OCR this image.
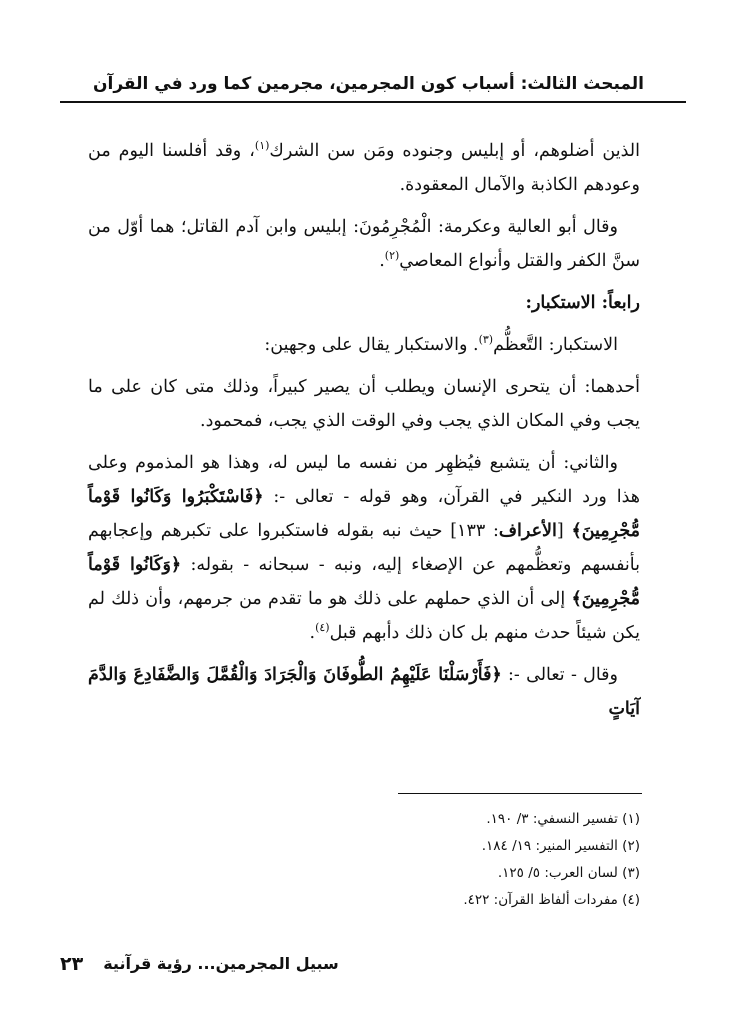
المبحث الثالث: أسباب كون المجرمين، مجرمين كما ورد في القرآن

الذين أضلوهم، أو إبليس وجنوده ومَن سن الشرك$^{(١)}$، وقد أفلسنا اليوم من وعودهم الكاذبة والآمال المعقودة.

وقال أبو العالية وعكرمة: الْمُجْرِمُونَ: إبليس وابن آدم القاتل؛ هما أوّل من سنَّ الكفر والقتل وأنواع المعاصي$^{(٢)}$.

رابعاً: الاستكبار:

الاستكبار: التَّعظُّم$^{(٣)}$. والاستكبار يقال على وجهين:

أحدهما: أن يتحرى الإنسان ويطلب أن يصير كبيراً، وذلك متى كان على ما يجب وفي المكان الذي يجب وفي الوقت الذي يجب، فمحمود.

والثاني: أن يتشبع فيُظهِر من نفسه ما ليس له، وهذا هو المذموم وعلى هذا ورد النكير في القرآن، وهو قوله - تعالى -: ﴿فَاسْتَكْبَرُوا وَكَانُوا قَوْماً مُّجْرِمِينَ﴾ [الأعراف: ١٣٣] حيث نبه بقوله فاستكبروا على تكبرهم وإعجابهم بأنفسهم وتعظُّمهم عن الإصغاء إليه، ونبه - سبحانه - بقوله: ﴿وَكَانُوا قَوْماً مُّجْرِمِينَ﴾ إلى أن الذي حملهم على ذلك هو ما تقدم من جرمهم، وأن ذلك لم يكن شيئاً حدث منهم بل كان ذلك دأبهم قبل$^{(٤)}$.

وقال - تعالى -: ﴿فَأَرْسَلْنَا عَلَيْهِمُ الطُّوفَانَ وَالْجَرَادَ وَالْقُمَّلَ وَالضَّفَادِعَ وَالدَّمَ آيَاتٍ

(١) تفسير النسفي: ٣/ ١٩٠.
(٢) التفسير المنير: ١٩/ ١٨٤.
(٣) لسان العرب: ٥/ ١٢٥.
(٤) مفردات ألفاظ القرآن: ٤٢٢.
٢٣ سبيل المجرمين... رؤية قرآنية
